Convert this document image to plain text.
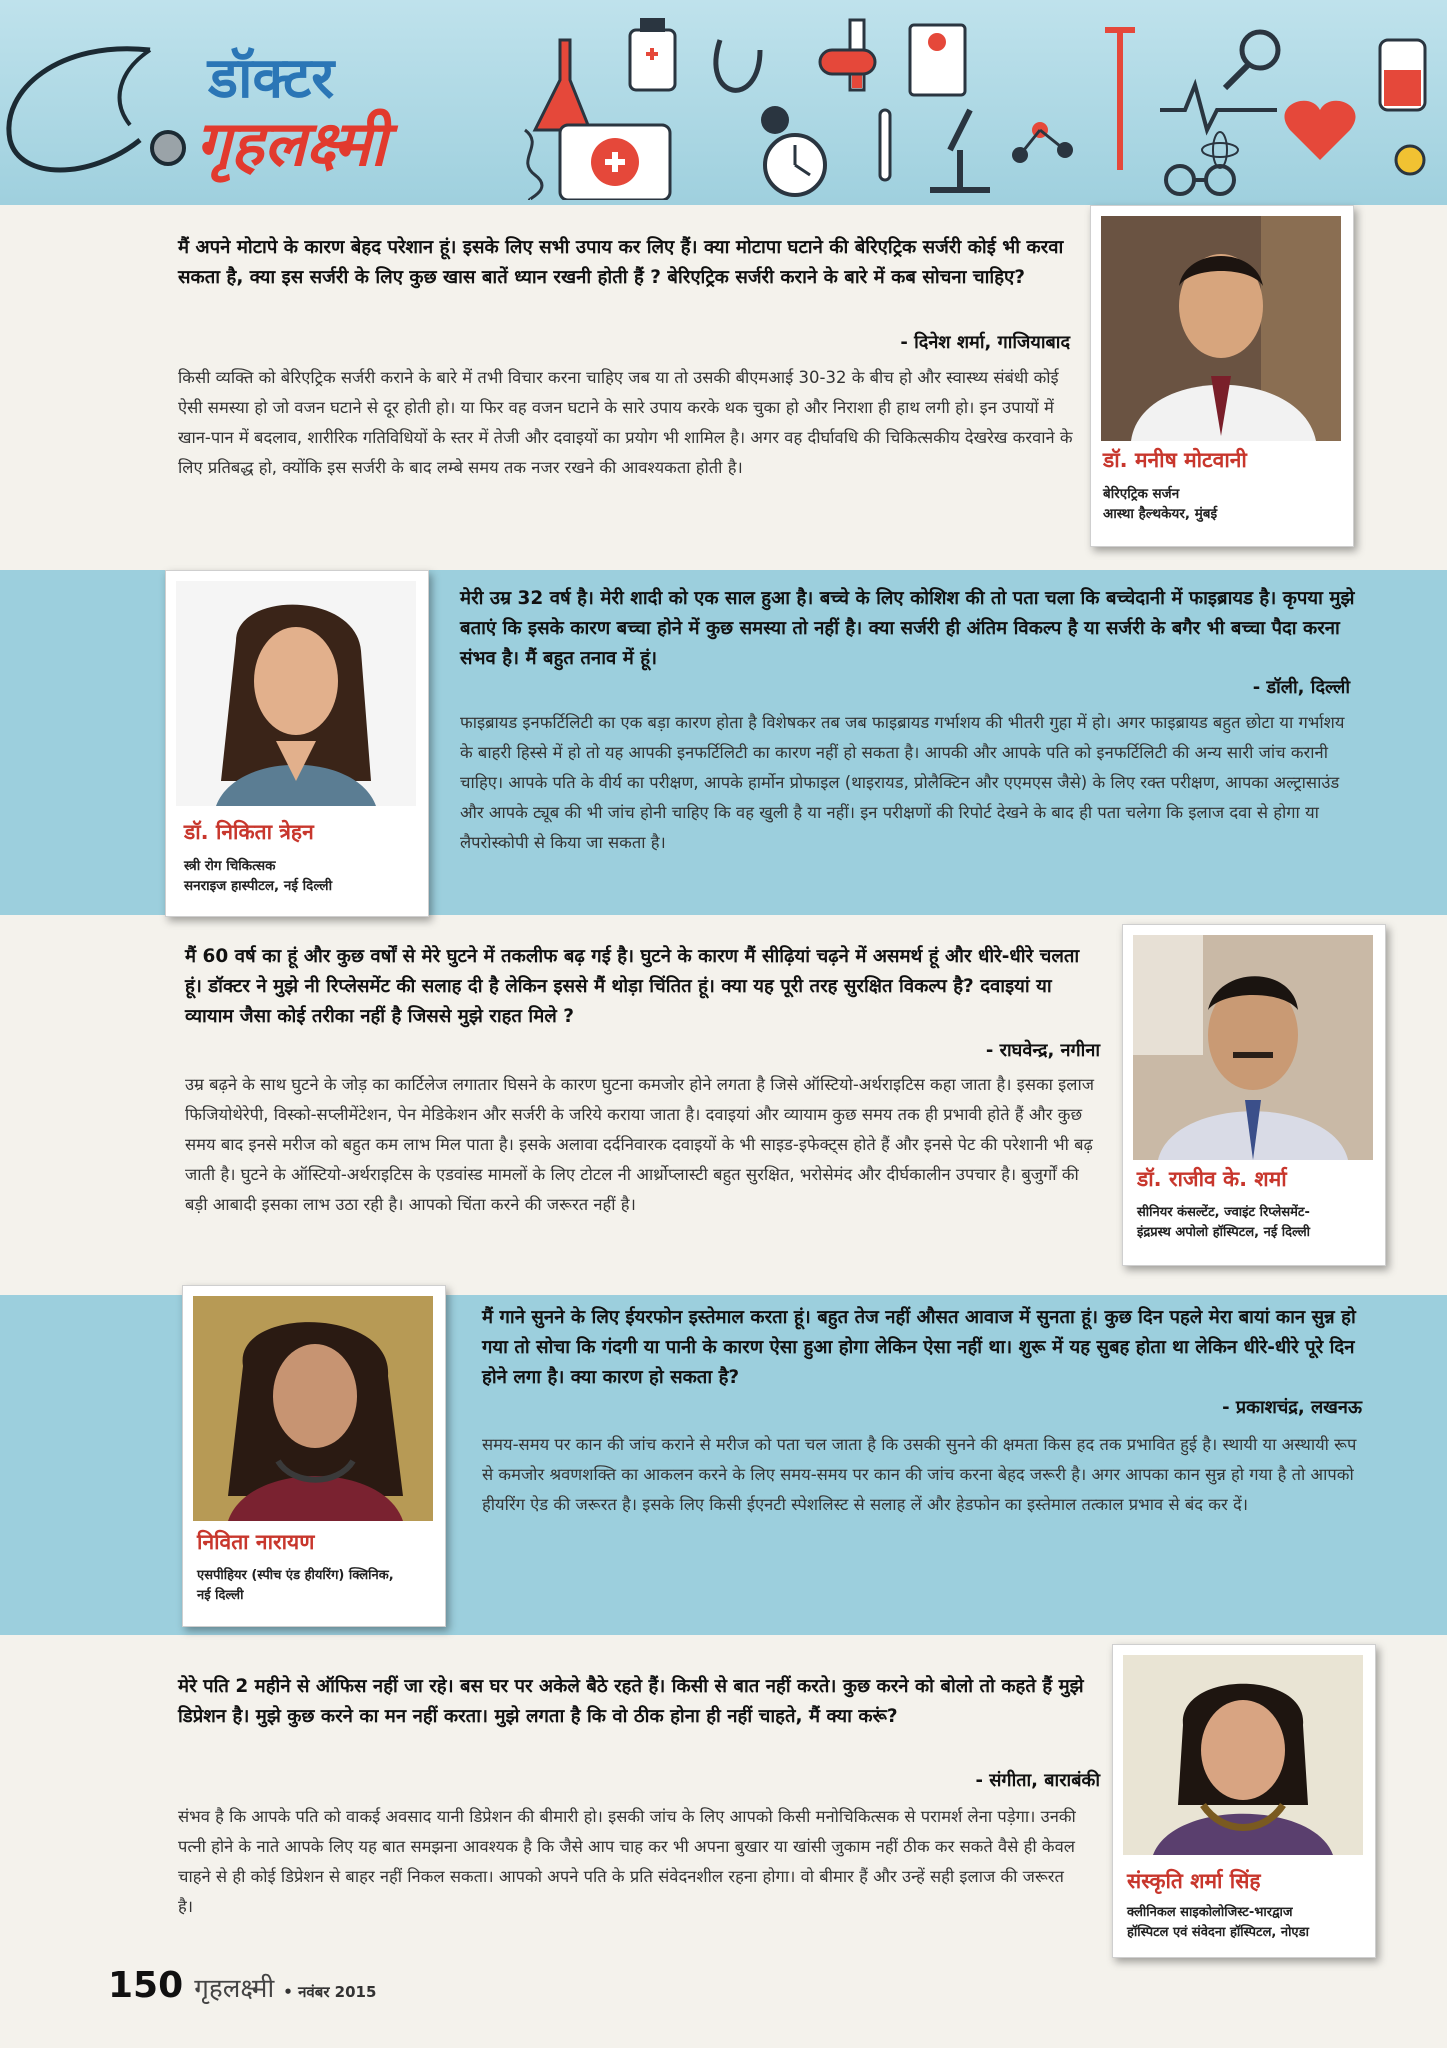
डॉक्टर
गृहलक्ष्मी
मैं अपने मोटापे के कारण बेहद परेशान हूं। इसके लिए सभी उपाय कर लिए हैं। क्या मोटापा घटाने की बेरिएट्रिक सर्जरी कोई भी करवा सकता है, क्या इस सर्जरी के लिए कुछ खास बातें ध्यान रखनी होती हैं ? बेरिएट्रिक सर्जरी कराने के बारे में कब सोचना चाहिए?
- दिनेश शर्मा, गाजियाबाद
किसी व्यक्ति को बेरिएट्रिक सर्जरी कराने के बारे में तभी विचार करना चाहिए जब या तो उसकी बीएमआई 30-32 के बीच हो और स्वास्थ्य संबंधी कोई ऐसी समस्या हो जो वजन घटाने से दूर होती हो। या फिर वह वजन घटाने के सारे उपाय करके थक चुका हो और निराशा ही हाथ लगी हो। इन उपायों में खान-पान में बदलाव, शारीरिक गतिविधियों के स्तर में तेजी और दवाइयों का प्रयोग भी शामिल है। अगर वह दीर्घावधि की चिकित्सकीय देखरेख करवाने के लिए प्रतिबद्ध हो, क्योंकि इस सर्जरी के बाद लम्बे समय तक नजर रखने की आवश्यकता होती है।	डॉ. मनीष मोटवानी
बेरिएट्रिक सर्जन
आस्था हैल्थकेयर, मुंबई
डॉ. निकिता त्रेहन
स्त्री रोग चिकित्सक
सनराइज हास्पीटल, नई दिल्ली
मेरी उम्र 32 वर्ष है। मेरी शादी को एक साल हुआ है। बच्चे के लिए कोशिश की तो पता चला कि बच्चेदानी में फाइब्रायड है। कृपया मुझे बताएं कि इसके कारण बच्चा होने में कुछ समस्या तो नहीं है। क्या सर्जरी ही अंतिम विकल्प है या सर्जरी के बगैर भी बच्चा पैदा करना संभव है। मैं बहुत तनाव में हूं।
- डॉली, दिल्ली
फाइब्रायड इनफर्टिलिटी का एक बड़ा कारण होता है विशेषकर तब जब फाइब्रायड गर्भाशय की भीतरी गुहा में हो। अगर फाइब्रायड बहुत छोटा या गर्भाशय के बाहरी हिस्से में हो तो यह आपकी इनफर्टिलिटी का कारण नहीं हो सकता है। आपकी और आपके पति को इनफर्टिलिटी की अन्य सारी जांच करानी चाहिए। आपके पति के वीर्य का परीक्षण, आपके हार्मोन प्रोफाइल (थाइरायड, प्रोलैक्टिन और एएमएस जैसे) के लिए रक्त परीक्षण, आपका अल्ट्रासाउंड और आपके ट्यूब की भी जांच होनी चाहिए कि वह खुली है या नहीं। इन परीक्षणों की रिपोर्ट देखने के बाद ही पता चलेगा कि इलाज दवा से होगा या लैपरोस्कोपी से किया जा सकता है।
मैं 60 वर्ष का हूं और कुछ वर्षों से मेरे घुटने में तकलीफ बढ़ गई है। घुटने के कारण मैं सीढ़ियां चढ़ने में असमर्थ हूं और धीरे-धीरे चलता हूं। डॉक्टर ने मुझे नी रिप्लेसमेंट की सलाह दी है लेकिन इससे मैं थोड़ा चिंतित हूं। क्या यह पूरी तरह सुरक्षित विकल्प है? दवाइयां या व्यायाम जैसा कोई तरीका नहीं है जिससे मुझे राहत मिले ?
- राघवेन्द्र, नगीना
उम्र बढ़ने के साथ घुटने के जोड़ का कार्टिलेज लगातार घिसने के कारण घुटना कमजोर होने लगता है जिसे ऑस्टियो-अर्थराइटिस कहा जाता है। इसका इलाज फिजियोथेरेपी, विस्को-सप्लीमेंटेशन, पेन मेडिकेशन और सर्जरी के जरिये कराया जाता है। दवाइयां और व्यायाम कुछ समय तक ही प्रभावी होते हैं और कुछ समय बाद इनसे मरीज को बहुत कम लाभ मिल पाता है। इसके अलावा दर्दनिवारक दवाइयों के भी साइड-इफेक्ट्स होते हैं और इनसे पेट की परेशानी भी बढ़ जाती है। घुटने के ऑस्टियो-अर्थराइटिस के एडवांस्ड मामलों के लिए टोटल नी आर्थ्रोप्लास्टी बहुत सुरक्षित, भरोसेमंद और दीर्घकालीन उपचार है। बुजुर्गों की बड़ी आबादी इसका लाभ उठा रही है। आपको चिंता करने की जरूरत नहीं है।
डॉ. राजीव के. शर्मा
सीनियर कंसल्टेंट, ज्वाइंट रिप्लेसमेंट-
इंद्रप्रस्थ अपोलो हॉस्पिटल, नई दिल्ली
निविता नारायण
एसपीहियर (स्पीच एंड हीयरिंग) क्लिनिक,
नई दिल्ली
मैं गाने सुनने के लिए ईयरफोन इस्तेमाल करता हूं। बहुत तेज नहीं औसत आवाज में सुनता हूं। कुछ दिन पहले मेरा बायां कान सुन्न हो गया तो सोचा कि गंदगी या पानी के कारण ऐसा हुआ होगा लेकिन ऐसा नहीं था। शुरू में यह सुबह होता था लेकिन धीरे-धीरे पूरे दिन होने लगा है। क्या कारण हो सकता है?
- प्रकाशचंद्र, लखनऊ
समय-समय पर कान की जांच कराने से मरीज को पता चल जाता है कि उसकी सुनने की क्षमता किस हद तक प्रभावित हुई है। स्थायी या अस्थायी रूप से कमजोर श्रवणशक्ति का आकलन करने के लिए समय-समय पर कान की जांच करना बेहद जरूरी है। अगर आपका कान सुन्न हो गया है तो आपको हीयरिंग ऐड की जरूरत है। इसके लिए किसी ईएनटी स्पेशलिस्ट से सलाह लें और हेडफोन का इस्तेमाल तत्काल प्रभाव से बंद कर दें।
मेरे पति 2 महीने से ऑफिस नहीं जा रहे। बस घर पर अकेले बैठे रहते हैं। किसी से बात नहीं करते। कुछ करने को बोलो तो कहते हैं मुझे डिप्रेशन है। मुझे कुछ करने का मन नहीं करता। मुझे लगता है कि वो ठीक होना ही नहीं चाहते, मैं क्या करूं?
- संगीता, बाराबंकी
संभव है कि आपके पति को वाकई अवसाद यानी डिप्रेशन की बीमारी हो। इसकी जांच के लिए आपको किसी मनोचिकित्सक से परामर्श लेना पड़ेगा। उनकी पत्नी होने के नाते आपके लिए यह बात समझना आवश्यक है कि जैसे आप चाह कर भी अपना बुखार या खांसी जुकाम नहीं ठीक कर सकते वैसे ही केवल चाहने से ही कोई डिप्रेशन से बाहर नहीं निकल सकता। आपको अपने पति के प्रति संवेदनशील रहना होगा। वो बीमार हैं और उन्हें सही इलाज की जरूरत है।
संस्कृति शर्मा सिंह
क्लीनिकल साइकोलोजिस्ट-भारद्वाज
हॉस्पिटल एवं संवेदना हॉस्पिटल, नोएडा
150 गृहलक्ष्मी • नवंबर 2015
